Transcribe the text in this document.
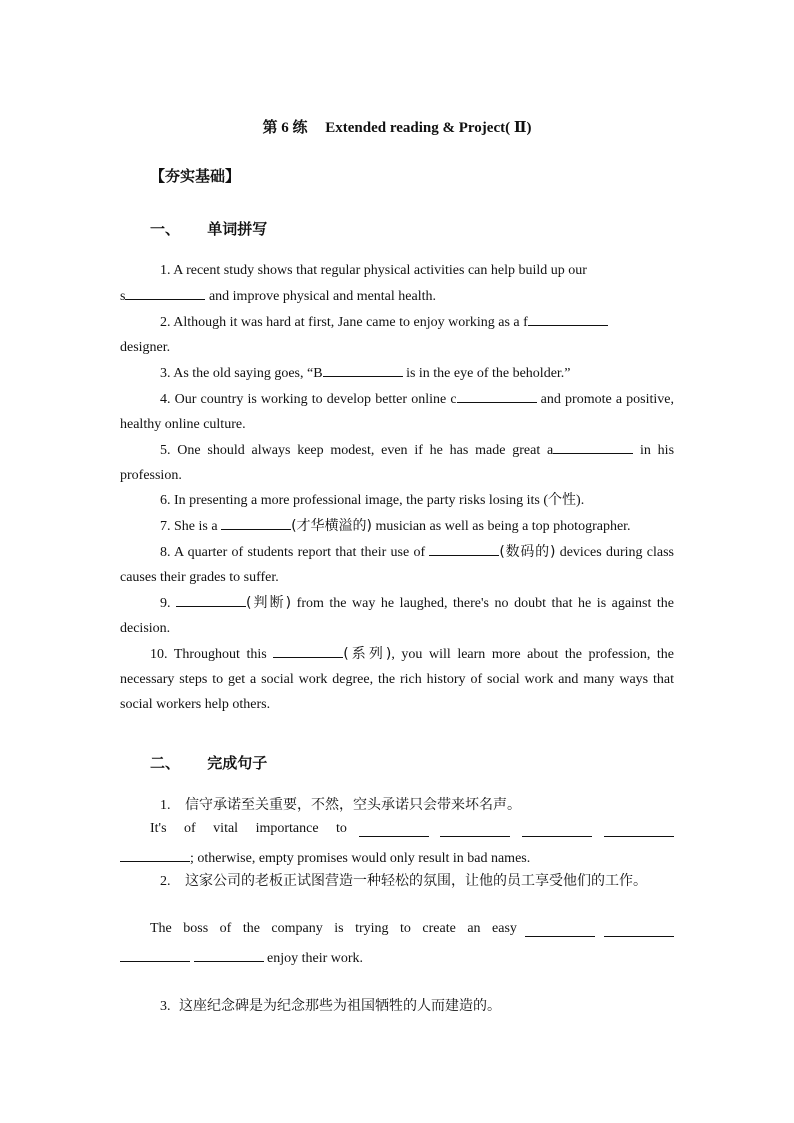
第 6 练 Extended reading & Project( Ⅱ)
【夯实基础】
一、 单词拼写

1. A recent study shows that regular physical activities can help build up our
s	and improve physical and mental health.

2. Although it was hard at first, Jane came to enjoy working as a f
designer.

3. As the old saying goes, “B	is in the eye of the beholder.”

4. Our country is working to develop better online c	and promote a positive, healthy online culture.

5. One should always keep modest, even if he has made great a	in his profession.

6. In presenting a more professional image, the party risks losing its (个性).

7. She is a	(才华横溢的) musician as well as being a top photographer.

8. A quarter of students report that their use of	(数码的) devices during class causes their grades to suffer.

9.	(判断) from the way he laughed, there's no doubt that he is against the decision.

10. Throughout this	(系列), you will learn more about the profession, the necessary steps to get a social work degree, the rich history of social work and many ways that social workers help others.

二、 完成句子
1. 信守承诺至关重要，不然，空头承诺只会带来坏名声。
It's of vital importance to
; otherwise, empty promises would only result in bad names.
2. 这家公司的老板正试图营造一种轻松的氛围，让他的员工享受他们的工作。
The boss of the company is trying to create an easy
enjoy their work.
3. 这座纪念碑是为纪念那些为祖国牺牲的人而建造的。
